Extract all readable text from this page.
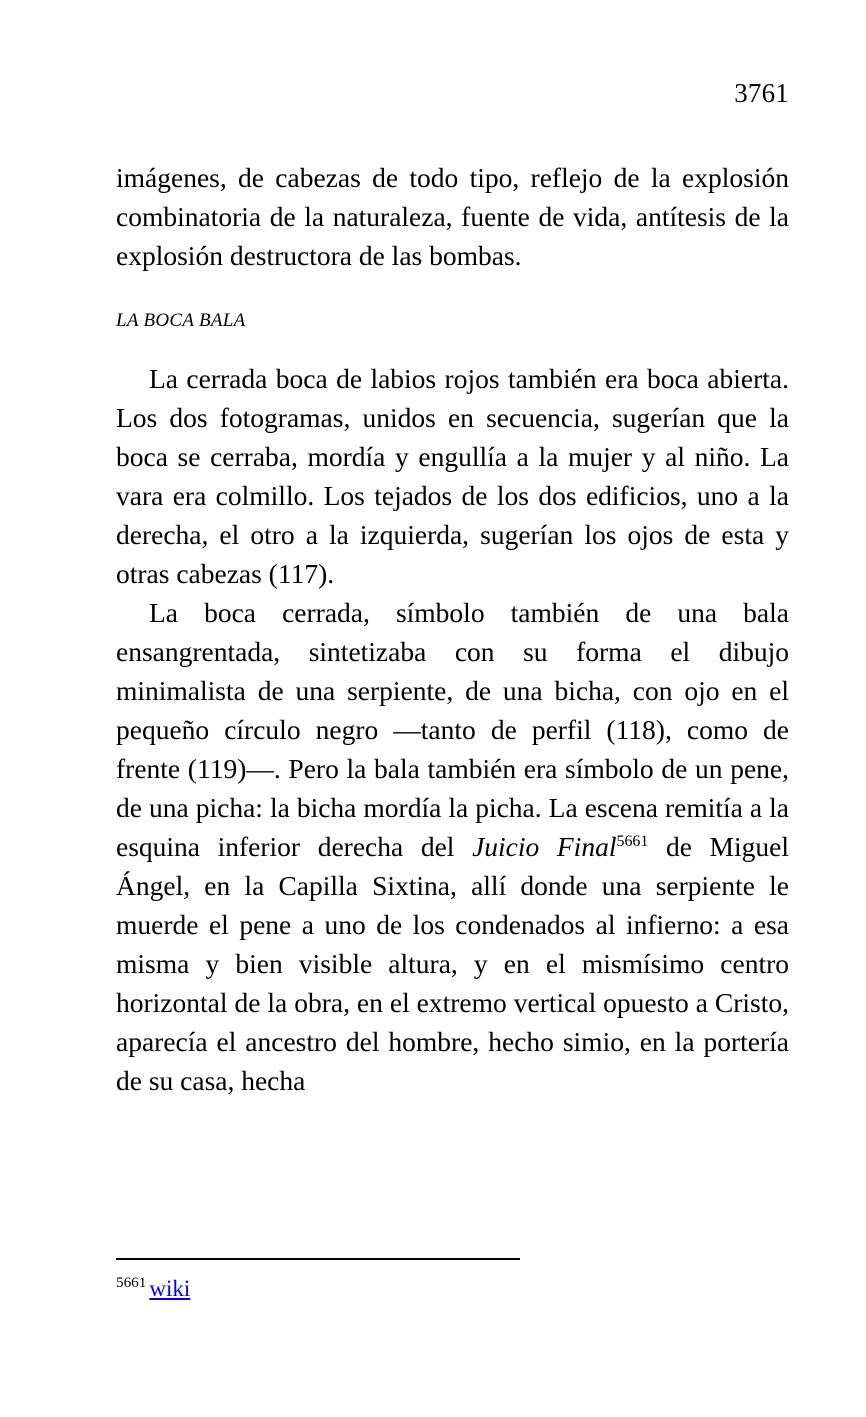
3761

imágenes, de cabezas de todo tipo, reflejo de la explosión combinatoria de la naturaleza, fuente de vida, antítesis de la explosión destructora de las bombas.

LA BOCA BALA

La cerrada boca de labios rojos también era boca abierta. Los dos fotogramas, unidos en secuencia, sugerían que la boca se cerraba, mordía y engullía a la mujer y al niño. La vara era colmillo. Los tejados de los dos edificios, uno a la derecha, el otro a la izquierda, sugerían los ojos de esta y otras cabezas (117).

La boca cerrada, símbolo también de una bala ensangrentada, sintetizaba con su forma el dibujo minimalista de una serpiente, de una bicha, con ojo en el pequeño círculo negro —tanto de perfil (118), como de frente (119)—. Pero la bala también era símbolo de un pene, de una picha: la bicha mordía la picha. La escena remitía a la esquina inferior derecha del Juicio Final$^{5661}$ de Miguel Ángel, en la Capilla Sixtina, allí donde una serpiente le muerde el pene a uno de los condenados al infierno: a esa misma y bien visible altura, y en el mismísimo centro horizontal de la obra, en el extremo vertical opuesto a Cristo, aparecía el ancestro del hombre, hecho simio, en la portería de su casa, hecha

$^{5661}$ wiki
